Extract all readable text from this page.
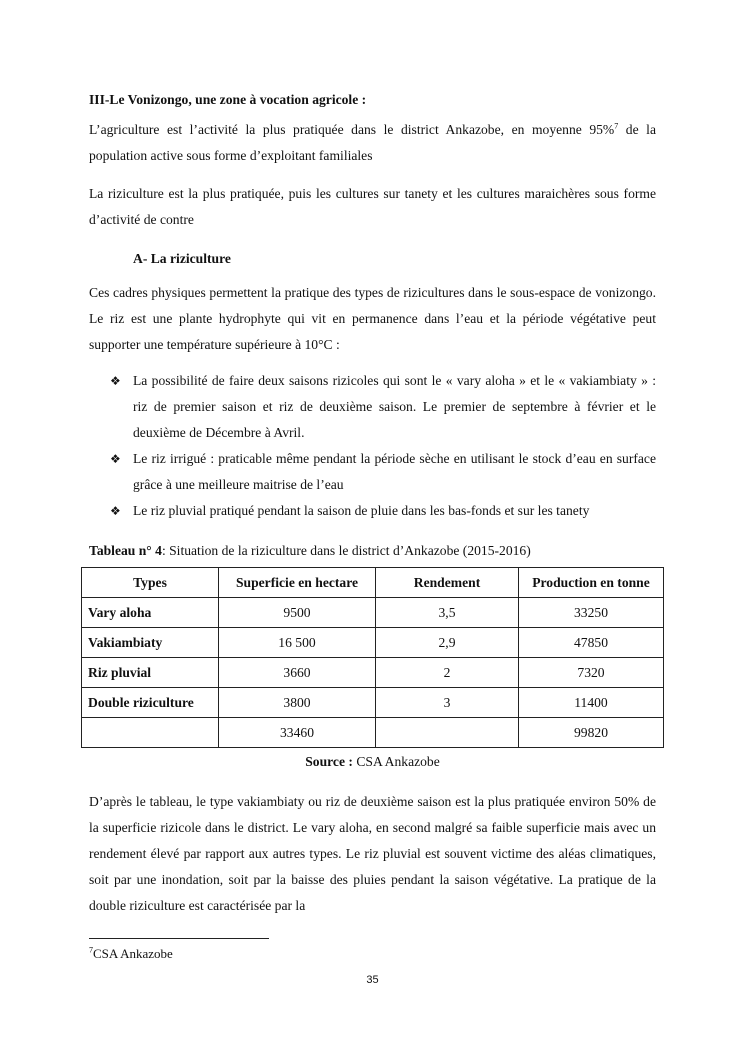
III-Le Vonizongo, une zone à vocation agricole :

L’agriculture est l’activité la plus pratiquée dans le district Ankazobe, en moyenne 95%$^7$ de la population active sous forme d’exploitant familiales

La riziculture est la plus pratiquée, puis les cultures sur tanety et les cultures maraichères sous forme d’activité de contre

A- La riziculture

Ces cadres physiques permettent la pratique des types de rizicultures dans le sous-espace de vonizongo. Le riz est une plante hydrophyte qui vit en permanence dans l’eau et la période végétative peut supporter une température supérieure à 10°C :

❖ La possibilité de faire deux saisons rizicoles qui sont le « vary aloha » et le « vakiambiaty » : riz de premier saison et riz de deuxième saison. Le premier de septembre à février et le deuxième de Décembre à Avril.
❖ Le riz irrigué : praticable même pendant la période sèche en utilisant le stock d’eau en surface grâce à une meilleure maitrise de l’eau
❖ Le riz pluvial pratiqué pendant la saison de pluie dans les bas-fonds et sur les tanety

Tableau n° 4: Situation de la riziculture dans le district d’Ankazobe (2015-2016)

Types	Superficie en hectare	Rendement	Production en tonne
Vary aloha	9500	3,5	33250
Vakiambiaty	16 500	2,9	47850
Riz pluvial	3660	2	7320
Double riziculture	3800	3	11400
	33460		99820
Source : CSA Ankazobe

D’après le tableau, le type vakiambiaty ou riz de deuxième saison est la plus pratiquée environ 50% de la superficie rizicole dans le district. Le vary aloha, en second malgré sa faible superficie mais avec un rendement élevé par rapport aux autres types. Le riz pluvial est souvent victime des aléas climatiques, soit par une inondation, soit par la baisse des pluies pendant la saison végétative. La pratique de la double riziculture est caractérisée par la

$^7$CSA Ankazobe
35
